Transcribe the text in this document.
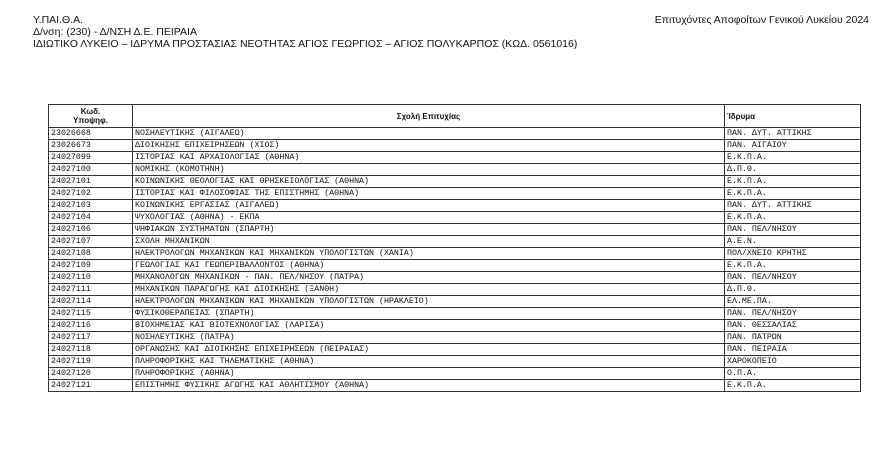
Υ.ΠΑΙ.Θ.Α.
Δ/νση: (230) - Δ/ΝΣΗ Δ.Ε. ΠΕΙΡΑΙΑ
ΙΔΙΩΤΙΚΟ ΛΥΚΕΙΟ – ΙΔΡΥΜΑ ΠΡΟΣΤΑΣΙΑΣ ΝΕΟΤΗΤΑΣ ΑΓΙΟΣ ΓΕΩΡΓΙΟΣ – ΑΓΙΟΣ ΠΟΛΥΚΑΡΠΟΣ (ΚΩΔ. 0561016)
Επιτυχόντες Αποφοίτων Γενικού Λυκείου 2024
Κωδ.
Υποψηφ.	Σχολή Επιτυχίας	Ίδρυμα
23026668	ΝΟΣΗΛΕΥΤΙΚΗΣ (ΑΙΓΑΛΕΩ)	ΠΑΝ. ΔΥΤ. ΑΤΤΙΚΗΣ
23026673	ΔΙΟΙΚΗΣΗΣ ΕΠΙΧΕΙΡΗΣΕΩΝ (ΧΙΟΣ)	ΠΑΝ. ΑΙΓΑΙΟΥ
24027099	ΙΣΤΟΡΙΑΣ ΚΑΙ ΑΡΧΑΙΟΛΟΓΙΑΣ (ΑΘΗΝΑ)	Ε.Κ.Π.Α.
24027100	ΝΟΜΙΚΗΣ (ΚΟΜΟΤΗΝΗ)	Δ.Π.Θ.
24027101	ΚΟΙΝΩΝΙΚΗΣ ΘΕΟΛΟΓΙΑΣ ΚΑΙ ΘΡΗΣΚΕΙΟΛΟΓΙΑΣ (ΑΘΗΝΑ)	Ε.Κ.Π.Α.
24027102	ΙΣΤΟΡΙΑΣ ΚΑΙ ΦΙΛΟΣΟΦΙΑΣ ΤΗΣ ΕΠΙΣΤΗΜΗΣ (ΑΘΗΝΑ)	Ε.Κ.Π.Α.
24027103	ΚΟΙΝΩΝΙΚΗΣ ΕΡΓΑΣΙΑΣ (ΑΙΓΑΛΕΩ)	ΠΑΝ. ΔΥΤ. ΑΤΤΙΚΗΣ
24027104	ΨΥΧΟΛΟΓΙΑΣ (ΑΘΗΝΑ) - ΕΚΠΑ	Ε.Κ.Π.Α.
24027106	ΨΗΦΙΑΚΩΝ ΣΥΣΤΗΜΑΤΩΝ (ΣΠΑΡΤΗ)	ΠΑΝ. ΠΕΛ/ΝΗΣΟΥ
24027107	ΣΧΟΛΗ ΜΗΧΑΝΙΚΩΝ	Α.Ε.Ν.
24027108	ΗΛΕΚΤΡΟΛΟΓΩΝ ΜΗΧΑΝΙΚΩΝ ΚΑΙ ΜΗΧΑΝΙΚΩΝ ΥΠΟΛΟΓΙΣΤΩΝ (ΧΑΝΙΑ)	ΠΟΛ/ΧΝΕΙΟ ΚΡΗΤΗΣ
24027109	ΓΕΩΛΟΓΙΑΣ ΚΑΙ ΓΕΩΠΕΡΙΒΑΛΛΟΝΤΟΣ (ΑΘΗΝΑ)	Ε.Κ.Π.Α.
24027110	ΜΗΧΑΝΟΛΟΓΩΝ ΜΗΧΑΝΙΚΩΝ - ΠΑΝ. ΠΕΛ/ΝΗΣΟΥ (ΠΑΤΡΑ)	ΠΑΝ. ΠΕΛ/ΝΗΣΟΥ
24027111	ΜΗΧΑΝΙΚΩΝ ΠΑΡΑΓΩΓΗΣ ΚΑΙ ΔΙΟΙΚΗΣΗΣ (ΞΑΝΘΗ)	Δ.Π.Θ.
24027114	ΗΛΕΚΤΡΟΛΟΓΩΝ ΜΗΧΑΝΙΚΩΝ ΚΑΙ ΜΗΧΑΝΙΚΩΝ ΥΠΟΛΟΓΙΣΤΩΝ (ΗΡΑΚΛΕΙΟ)	ΕΛ.ΜΕ.ΠΑ.
24027115	ΦΥΣΙΚΟΘΕΡΑΠΕΙΑΣ (ΣΠΑΡΤΗ)	ΠΑΝ. ΠΕΛ/ΝΗΣΟΥ
24027116	ΒΙΟΧΗΜΕΙΑΣ ΚΑΙ ΒΙΟΤΕΧΝΟΛΟΓΙΑΣ (ΛΑΡΙΣΑ)	ΠΑΝ. ΘΕΣΣΑΛΙΑΣ
24027117	ΝΟΣΗΛΕΥΤΙΚΗΣ (ΠΑΤΡΑ)	ΠΑΝ. ΠΑΤΡΩΝ
24027118	ΟΡΓΑΝΩΣΗΣ ΚΑΙ ΔΙΟΙΚΗΣΗΣ ΕΠΙΧΕΙΡΗΣΕΩΝ (ΠΕΙΡΑΙΑΣ)	ΠΑΝ. ΠΕΙΡΑΙΑ
24027119	ΠΛΗΡΟΦΟΡΙΚΗΣ ΚΑΙ ΤΗΛΕΜΑΤΙΚΗΣ (ΑΘΗΝΑ)	ΧΑΡΟΚΟΠΕΙΟ
24027120	ΠΛΗΡΟΦΟΡΙΚΗΣ (ΑΘΗΝΑ)	Ο.Π.Α.
24027121	ΕΠΙΣΤΗΜΗΣ ΦΥΣΙΚΗΣ ΑΓΩΓΗΣ ΚΑΙ ΑΘΛΗΤΙΣΜΟΥ (ΑΘΗΝΑ)	Ε.Κ.Π.Α.
